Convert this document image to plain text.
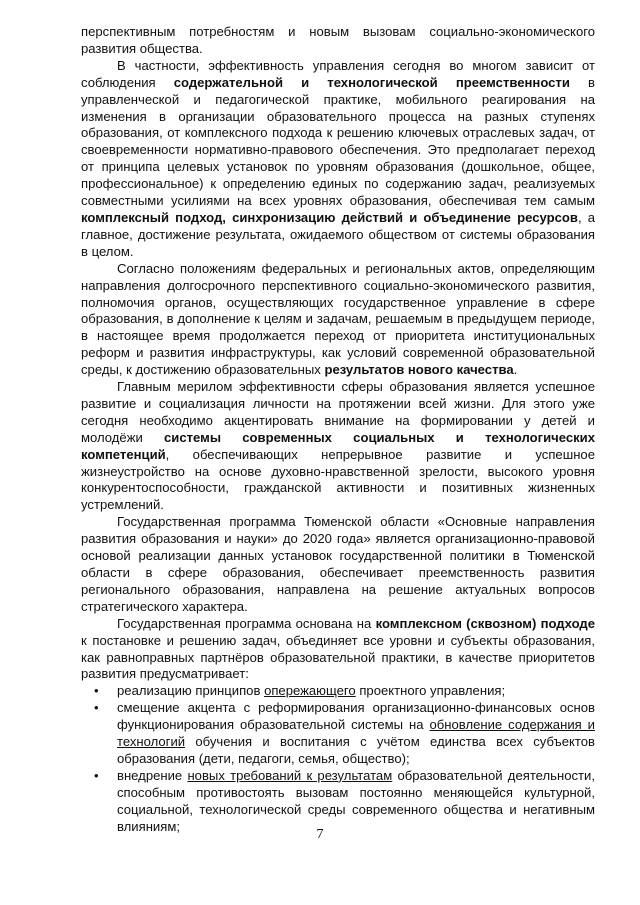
перспективным потребностям и новым вызовам социально-экономического развития общества.

В частности, эффективность управления сегодня во многом зависит от соблюдения содержательной и технологической преемственности в управленческой и педагогической практике, мобильного реагирования на изменения в организации образовательного процесса на разных ступенях образования, от комплексного подхода к решению ключевых отраслевых задач, от своевременности нормативно-правового обеспечения. Это предполагает переход от принципа целевых установок по уровням образования (дошкольное, общее, профессиональное) к определению единых по содержанию задач, реализуемых совместными усилиями на всех уровнях образования, обеспечивая тем самым комплексный подход, синхронизацию действий и объединение ресурсов, а главное, достижение результата, ожидаемого обществом от системы образования в целом.

Согласно положениям федеральных и региональных актов, определяющим направления долгосрочного перспективного социально-экономического развития, полномочия органов, осуществляющих государственное управление в сфере образования, в дополнение к целям и задачам, решаемым в предыдущем периоде, в настоящее время продолжается переход от приоритета институциональных реформ и развития инфраструктуры, как условий современной образовательной среды, к достижению образовательных результатов нового качества.

Главным мерилом эффективности сферы образования является успешное развитие и социализация личности на протяжении всей жизни. Для этого уже сегодня необходимо акцентировать внимание на формировании у детей и молодёжи системы современных социальных и технологических компетенций, обеспечивающих непрерывное развитие и успешное жизнеустройство на основе духовно-нравственной зрелости, высокого уровня конкурентоспособности, гражданской активности и позитивных жизненных устремлений.

Государственная программа Тюменской области «Основные направления развития образования и науки» до 2020 года» является организационно-правовой основой реализации данных установок государственной политики в Тюменской области в сфере образования, обеспечивает преемственность развития регионального образования, направлена на решение актуальных вопросов стратегического характера.

Государственная программа основана на комплексном (сквозном) подходе к постановке и решению задач, объединяет все уровни и субъекты образования, как равноправных партнёров образовательной практики, в качестве приоритетов развития предусматривает:

• реализацию принципов опережающего проектного управления;
• смещение акцента с реформирования организационно-финансовых основ функционирования образовательной системы на обновление содержания и технологий обучения и воспитания с учётом единства всех субъектов образования (дети, педагоги, семья, общество);
• внедрение новых требований к результатам образовательной деятельности, способным противостоять вызовам постоянно меняющейся культурной, социальной, технологической среды современного общества и негативным влияниям;
7
